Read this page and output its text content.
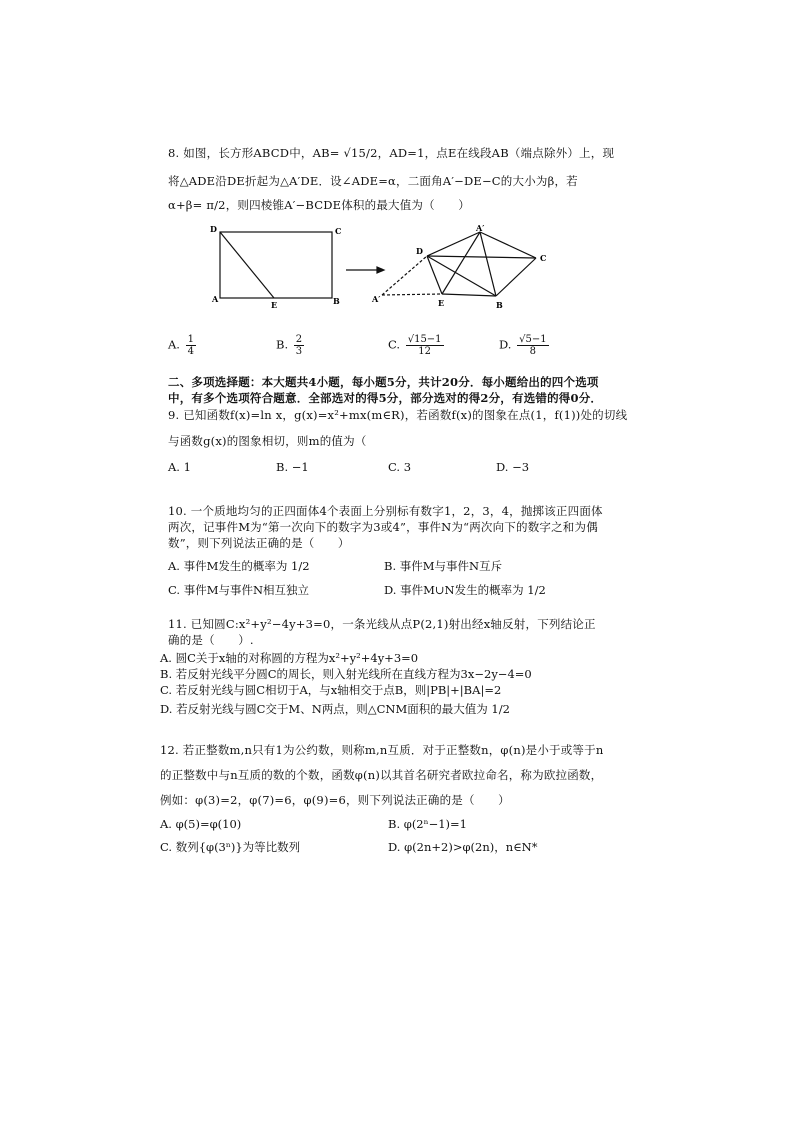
8. 如图，长方形ABCD中，AB= √15/2，AD=1，点E在线段AB（端点除外）上，现
将△ADE沿DE折起为△A′DE．设∠ADE=α，二面角A′−DE−C的大小为β，若
α+β= π/2，则四棱锥A′−BCDE体积的最大值为（　　）
D	C
A
E	B
A′
D
C
A′	E	B
A. $\frac{1}{4}$	B. $\frac{2}{3}$	C. $\frac{√15-1}{12}$	D. $\frac{√5-1}{8}$
二、多项选择题：本大题共4小题，每小题5分，共计20分．每小题给出的四个选项
中，有多个选项符合题意．全部选对的得5分，部分选对的得2分，有选错的得0分．
9. 已知函数f(x)=ln x，g(x)=x²+mx(m∈R)，若函数f(x)的图象在点(1，f(1))处的切线
与函数g(x)的图象相切，则m的值为（
A. 1	B. −1	C. 3	D. −3
10. 一个质地均匀的正四面体4个表面上分别标有数字1，2，3，4，抛掷该正四面体
两次，记事件M为“第一次向下的数字为3或4”，事件N为“两次向下的数字之和为偶
数”，则下列说法正确的是（　　）
A. 事件M发生的概率为 1/2	B. 事件M与事件N互斥
C. 事件M与事件N相互独立	D. 事件M∪N发生的概率为 1/2
11. 已知圆C:x²+y²−4y+3=0，一条光线从点P(2,1)射出经x轴反射，下列结论正
确的是（　　）.
A. 圆C关于x轴的对称圆的方程为x²+y²+4y+3=0
B. 若反射光线平分圆C的周长，则入射光线所在直线方程为3x−2y−4=0
C. 若反射光线与圆C相切于A，与x轴相交于点B，则|PB|+|BA|=2
D. 若反射光线与圆C交于M、N两点，则△CNM面积的最大值为 1/2
12. 若正整数m,n只有1为公约数，则称m,n互质．对于正整数n，φ(n)是小于或等于n
的正整数中与n互质的数的个数，函数φ(n)以其首名研究者欧拉命名，称为欧拉函数，
例如：φ(3)=2，φ(7)=6，φ(9)=6，则下列说法正确的是（　　）
A. φ(5)=φ(10)	B. φ(2ⁿ−1)=1
C. 数列{φ(3ⁿ)}为等比数列	D. φ(2n+2)>φ(2n)，n∈N*
